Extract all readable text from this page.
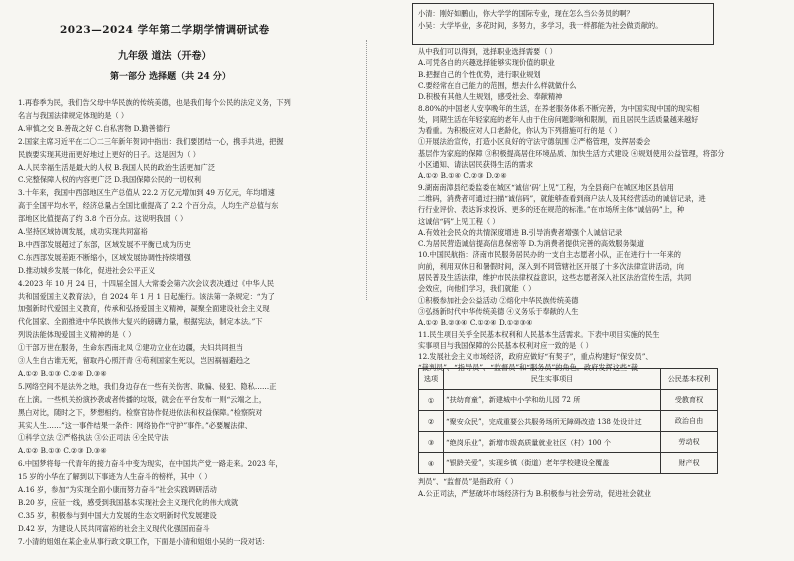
2023—2024 学年第二学期学情调研试卷
九年级 道法（开卷）
第一部分 选择题（共 24 分）
1.再春季为民，我们告父母中华民族的传统美德，也是我们每个公民的法定义务，下列
名言与我国法律规定体现的是（ ）
A.审慎之交 B.善哉之好 C.自私害物 D.勤善德行
2.国家主席习近平在二〇二三年新年贺词中指出：我们要团结一心，携手共进，把握
民族要实现其进而更好地过上更好的日子。这是因为（ ）
A.人民幸福生活是最大的人权 B.我国人民的政治生活更加广泛
C.完整保障人权的内容更广泛 D.我国保障公民的一切权利
3.十年来，我国中西部地区生产总值从 22.2 万亿元增加到 49 万亿元，年均增速
高于全国平均水平，经济总量占全国比重提高了 2.2 个百分点，人均生产总值与东
部地区比值提高了约 3.8 个百分点。这说明我国（ ）
A.坚持区域协调发展，成功实现共同富裕
B.中西部发展超过了东部，区域发展不平衡已成为历史
C.东西部发展差距不断缩小，区域发展协调性持续增强
D.推动城乡发展一体化，促进社会公平正义
4.2023 年 10 月 24 日，十四届全国人大常委会第六次会议表决通过《中华人民
共和国爱国主义教育法》，自 2024 年 1 月 1 日起施行。该法第一条规定：“为了
加强新时代爱国主义教育，传承和弘扬爱国主义精神，凝聚全面建设社会主义现
代化国家、全面推进中华民族伟大复兴的磅礴力量，根据宪法，制定本法。”下
列说法能体现爱国主义精神的是（ ）
①干部万世在服务，生命东西南北凤 ②建功立业在边疆，夫妇共同担当
③人生自古谁无死，留取丹心照汗青 ④苟利国家生死以，岂因祸福避趋之
A.①② B.①③ C.②④ D.③④
5.网络空间不是法外之地，我们身边存在一些有关伤害、欺骗、侵犯、隐私……正
在上演。一些机关扮演抄袭或者传播的垃圾，就会在平台发布一则“云端之上，
黑白对比，随时之下，梦想相约。检察官协作促进依法和权益保障。”检察院对
其实人生……”这一事件结果一条件：网络协作“守护”事件。”必要履法律、
①科学立法 ②严格执法 ③公正司法 ④全民守法
A.①② B.①③ C.②③ D.③④
6.中国梦将每一代青年的接力奋斗中变为现实，在中国共产党一路走来。2023 年，
15 岁的小华在了解到以下事迹为人生奋斗的榜样，其中（ ）
A.16 岁，参加“为实现全面小康而努力奋斗”社会实践调研活动
B.20 岁，应征一线，感受到我国基本实现社会主义现代化的伟大成就
C.35 岁，积极参与到中国大力发展的生态文明新时代发展建设
D.42 岁，为建设人民共同富裕的社会主义现代化强国而奋斗
7.小清的姐姐在某企业从事行政文职工作，下面是小清和姐姐小吴的一段对话：
小清：刚好如鹏山，你大学学的国际专业，现在怎么当公务员的啊？
小吴：大学毕业，多花时间，多努力，多学习，我一样都能为社会做贡献的。
从中我们可以得到，选择职业选择需要（ ）
A.可凭各自的兴趣选择能够实现价值的职业
B.把握自己的个性优势，进行职业规划
C.要经常在自己能力的范围，想去什么样就做什么
D.积极有其他人生规划，感受社会、奉献精神
8.80%的中国老人安享晚年的生活，在养老服务体系不断完善，为中国实现中国的现实相
处，同期生活在年轻家庭的老年人由于住房问题影响和限制，而且居民生活质量越来越好
为看重。为积极应对人口老龄化，你认为下列措施可行的是（ ）
①开展法治宣传，打造小区良好的守法守德氛围 ②严格管理，发挥居委会
基层作为家庭的保障 ③积极提高居住环境品质、加快生活方式建设 ④规划使用公益管理，将部分
小区通知、请法居民获得生活的需求
A.①② B.①④ C.②③ D.②④
9.湖南南漳县纪委监委在城区“诚信‘码’上见”工程，为全县商户在城区地区县信用
二维码，消费者可通过扫描“诚信码”，就能够查看到商户法人及其经营活动的诚信记录，进
行行业评价、表达诉求投诉、更多的还在规范的标准。”在市场所主体“诚信码”上，种
这诚信“码”上见工程（ ）
A.有效社会民众的共情深度增进 B.引导消费者增强个人诚信记录
C.为居民营造诚信提高信息保密等 D.为消费者提供完善的高效服务渠道
10.中国民航指：济南市民服务居民办的一支自主志愿者小队，正在进行十一年来的
向前，利用双休日和暑假时间，深入到不同管辖社区开展了十多次法律宣讲活动，向
居民普及生活法律，维护市民法律权益意识，这些志愿者深入社区法治宣传生活，共同
会效应，向他们学习，我们就能（ ）
①积极参加社会公益活动 ②熔化中华民族传统美德
③弘扬新时代中华传统美德 ④义务乐于奉献的人生
A.①② B.②③④ C.①②④ D.①②③④
11.民生项目关乎全民基本权利和人民基本生活需求。下表中项目实施的民生
实事项目与我国保障的公民基本权利对应一致的是（ ）
12.发展社会主义市场经济，政府应做好“有契子”，重点构建好“保安员”、
“裁判员”、“指导员”、“监督员”和“服务员”的角色。政府发挥这些“裁
判员”、“监督员”是指政府（ ）
A.公正司法，严惩破坏市场经济行为 B.积极参与社会劳动，促进社会就业
选项	民生实事项目	公民基本权利
①	“扶幼育童”，新建城中小学和幼儿园 72 所	受教育权
②	“聚安众民”，完成重要公共服务场所无障碍改造 138 处设计过	政治自由
③	“绝岗乐业”，新增市级高质量就业社区（村）100 个	劳动权
④	“银龄关爱”，实现乡镇（街道）老年学校建设全覆盖	财产权
